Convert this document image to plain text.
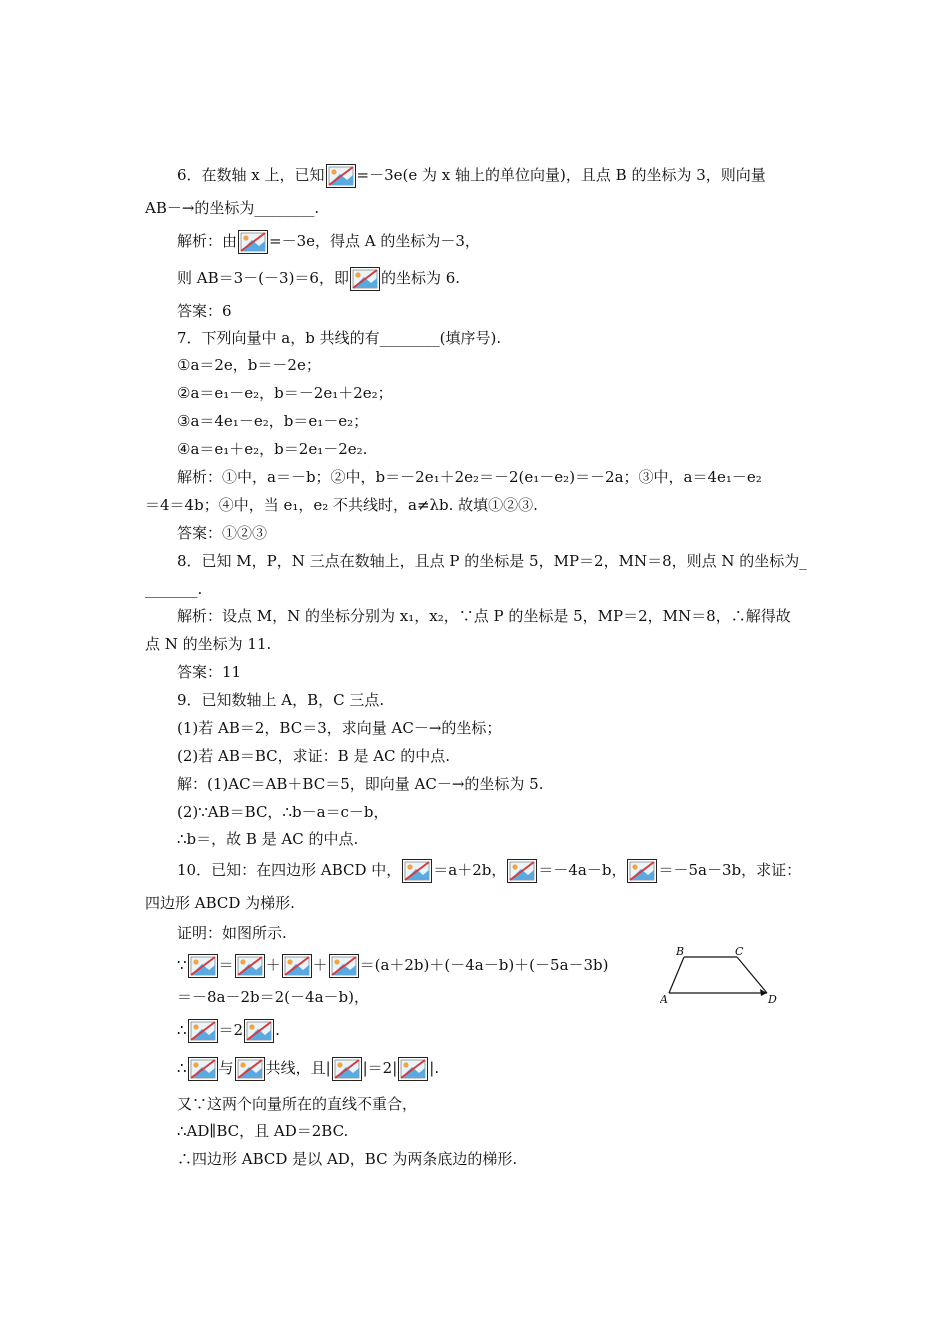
6．在数轴 x 上，已知 =－3e(e 为 x 轴上的单位向量)，且点 B 的坐标为 3，则向量
AB－→的坐标为________.
解析：由 =－3e，得点 A 的坐标为－3，
则 AB＝3－(－3)＝6，即 的坐标为 6.
答案：6
7．下列向量中 a，b 共线的有________(填序号).
①a＝2e，b＝－2e；
②a＝e₁－e₂，b＝－2e₁＋2e₂；
③a＝4e₁－e₂，b＝e₁－e₂；
④a＝e₁＋e₂，b＝2e₁－2e₂.
解析：①中，a＝－b；②中，b＝－2e₁＋2e₂＝－2(e₁－e₂)＝－2a；③中，a＝4e₁－e₂
＝4＝4b；④中，当 e₁，e₂ 不共线时，a≠λb. 故填①②③.
答案：①②③
8．已知 M，P，N 三点在数轴上，且点 P 的坐标是 5，MP＝2，MN＝8，则点 N 的坐标为_
_______.
解析：设点 M，N 的坐标分别为 x₁，x₂，∵点 P 的坐标是 5，MP＝2，MN＝8，∴解得故
点 N 的坐标为 11.
答案：11
9．已知数轴上 A，B，C 三点.
(1)若 AB＝2，BC＝3，求向量 AC－→的坐标；
(2)若 AB＝BC，求证：B 是 AC 的中点.
解：(1)AC＝AB＋BC＝5，即向量 AC－→的坐标为 5.
(2)∵AB＝BC，∴b－a＝c－b，
∴b＝，故 B 是 AC 的中点.
10．已知：在四边形 ABCD 中， ＝a＋2b， ＝－4a－b， ＝－5a－3b，求证：
四边形 ABCD 为梯形.
证明：如图所示.
∵ ＝ ＋ ＋ ＝(a＋2b)＋(－4a－b)＋(－5a－3b)
＝－8a－2b＝2(－4a－b)，
∴ ＝2 .
∴ 与 共线，且| |＝2| |.
又∵这两个向量所在的直线不重合，
∴AD∥BC，且 AD＝2BC.
∴四边形 ABCD 是以 AD，BC 为两条底边的梯形.
A
B	C
D
